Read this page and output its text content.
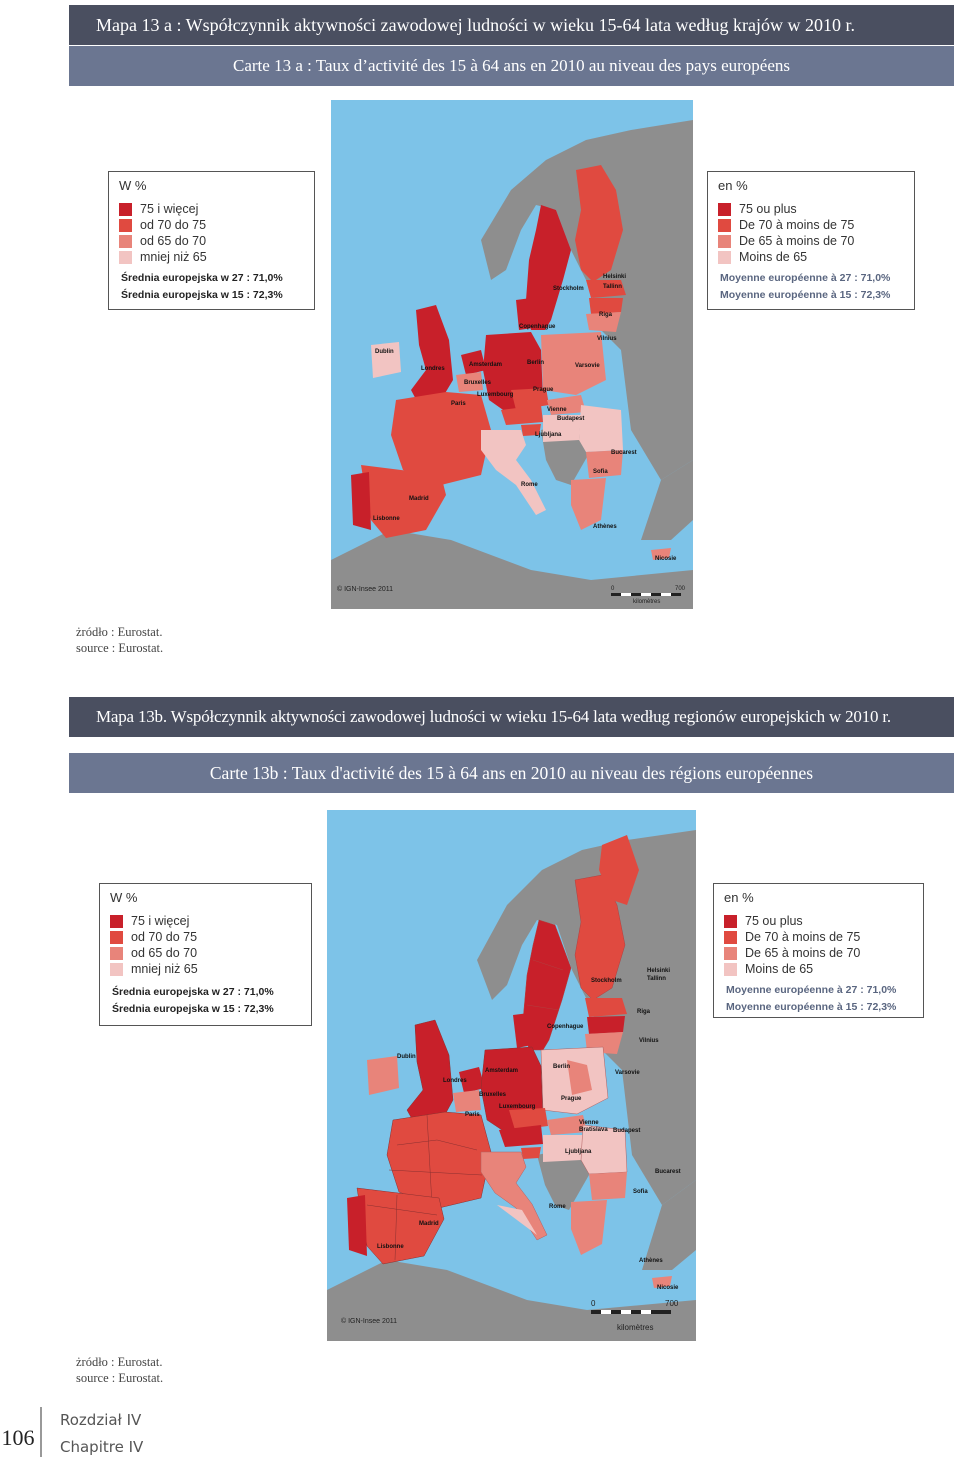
Mapa 13 a : Współczynnik aktywności zawodowej ludności w wieku 15-64 lata według krajów w 2010 r.
Carte 13 a : Taux d’activité des 15 à 64 ans en 2010 au niveau des pays européens
Helsinki
Tallinn
Stockholm
Riga
Copenhague
Vilnius
Dublin
Amsterdam	Berlin	Varsovie
Londres
Bruxelles
Prague
Luxembourg
Paris
Vienne
Budapest
Ljubljana
Bucarest
Sofia
Rome
Madrid
Lisbonne
Athènes
Nicosie
© IGN-Insee 2011	0	700
kilomètres
W %
75 i więcej
od 70 do 75
od 65 do 70
mniej niż 65
Średnia europejska w 27 : 71,0%
Średnia europejska w 15 : 72,3%
en %
75 ou plus
De 70 à moins de 75
De 65 à moins de 70
Moins de 65
Moyenne européenne à 27 : 71,0%
Moyenne européenne à 15 : 72,3%
żródło : Eurostat.
source : Eurostat.
Mapa 13b. Współczynnik aktywności zawodowej ludności w wieku 15-64 lata według regionów europejskich w 2010 r.
Carte 13b : Taux d'activité des 15 à 64 ans en 2010 au niveau des régions européennes
Helsinki
Tallinn
Stockholm
Riga
Copenhague
Vilnius
Dublin
Amsterdam
Berlin
Varsovie
Londres
Bruxelles
Prague
Luxembourg
Paris
Vienne
Bratislava Budapest
Ljubljana
Bucarest
Sofia
Rome
Madrid
Lisbonne
Athènes
Nicosie
© IGN-Insee 2011
0	700
kilomètres
W %
75 i więcej
od 70 do 75
od 65 do 70
mniej niż 65
Średnia europejska w 27 : 71,0%
Średnia europejska w 15 : 72,3%
en %
75 ou plus
De 70 à moins de 75
De 65 à moins de 70
Moins de 65
Moyenne européenne à 27 : 71,0%
Moyenne européenne à 15 : 72,3%
żródło : Eurostat.
source : Eurostat.
106
Rozdział IV
Chapitre IV
